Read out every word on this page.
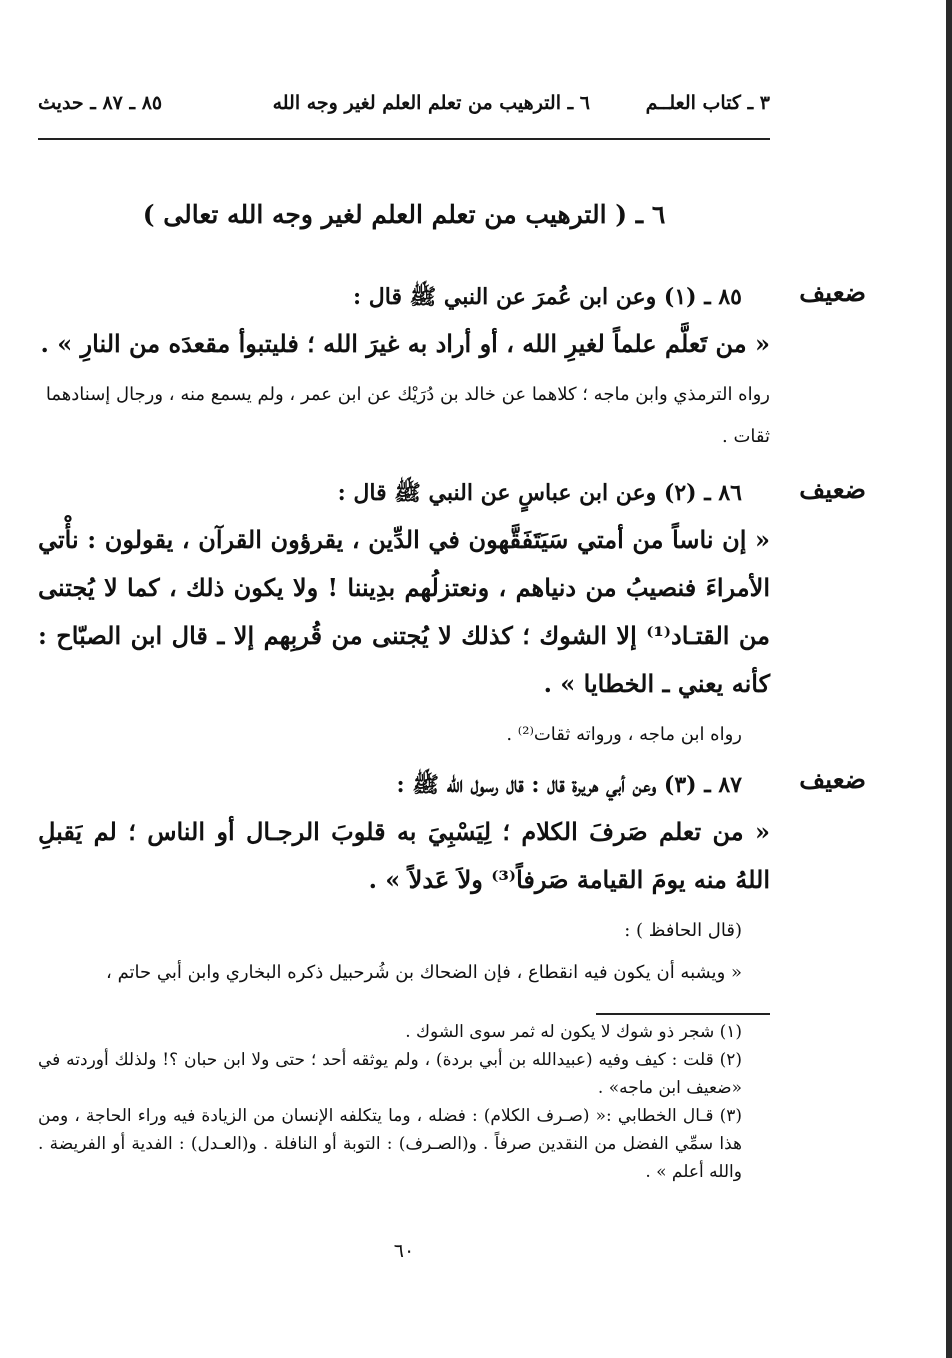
٣ ـ كتاب العلــم
٦ ـ الترهيب من تعلم العلم لغير وجه الله
٨٥ ـ ٨٧ ـ حديث
٦ ـ ( الترهيب من تعلم العلم لغير وجه الله تعالى )
ضعيف
٨٥ ـ (١) وعن ابن عُمرَ عن النبي ﷺ قال :
« من تَعلَّم علماً لغيرِ الله ، أو أراد به غيرَ الله ؛ فليتبوأ مقعدَه من النارِ » .
رواه الترمذي وابن ماجه ؛ كلاهما عن خالد بن دُرَيْك عن ابن عمر ، ولم يسمع منه ، ورجال إسنادهما ثقات .
ضعيف
٨٦ ـ (٢) وعن ابن عباسٍ عن النبي ﷺ قال :
« إن ناساً من أمتي سَيَتَفَقَّهون في الدِّين ، يقرؤون القرآن ، يقولون : نأْتي الأمراءَ فنصيبُ من دنياهم ، ونعتزلُهم بدِيننا ! ولا يكون ذلك ، كما لا يُجتنى من القتـاد⁽¹⁾ إلا الشوك ؛ كذلك لا يُجتنى من قُربِهم إلا ـ قال ابن الصبّاح : كأنه يعني ـ الخطايا » .
رواه ابن ماجه ، ورواته ثقات⁽²⁾ .
ضعيف
٨٧ ـ (٣) وعن أبي هريرة قال : قال رسول الله ﷺ :
« من تعلم صَرفَ الكلام ؛ لِيَسْبِيَ به قلوبَ الرجـال أو الناس ؛ لم يَقبلِ اللهُ منه يومَ القيامة صَرفاً⁽³⁾ ولاَ عَدلاً » .
(قال الحافظ ) :
« ويشبه أن يكون فيه انقطاع ، فإن الضحاك بن شُرحبيل ذكره البخاري وابن أبي حاتم ،

(١) شجر ذو شوك لا يكون له ثمر سوى الشوك .

(٢) قلت : كيف وفيه (عبيدالله بن أبي بردة) ، ولم يوثقه أحد ؛ حتى ولا ابن حبان ؟! ولذلك أوردته في «ضعيف ابن ماجه» .

(٣) قـال الخطابي :« (صـرف الكلام) : فضله ، وما يتكلفه الإنسان من الزيادة فيه وراء الحاجة ، ومن هذا سمِّي الفضل من النقدين صرفاً . و(الصـرف) : التوبة أو النافلة . و(العـدل) : الفدية أو الفريضة . والله أعلم » .

٦٠
